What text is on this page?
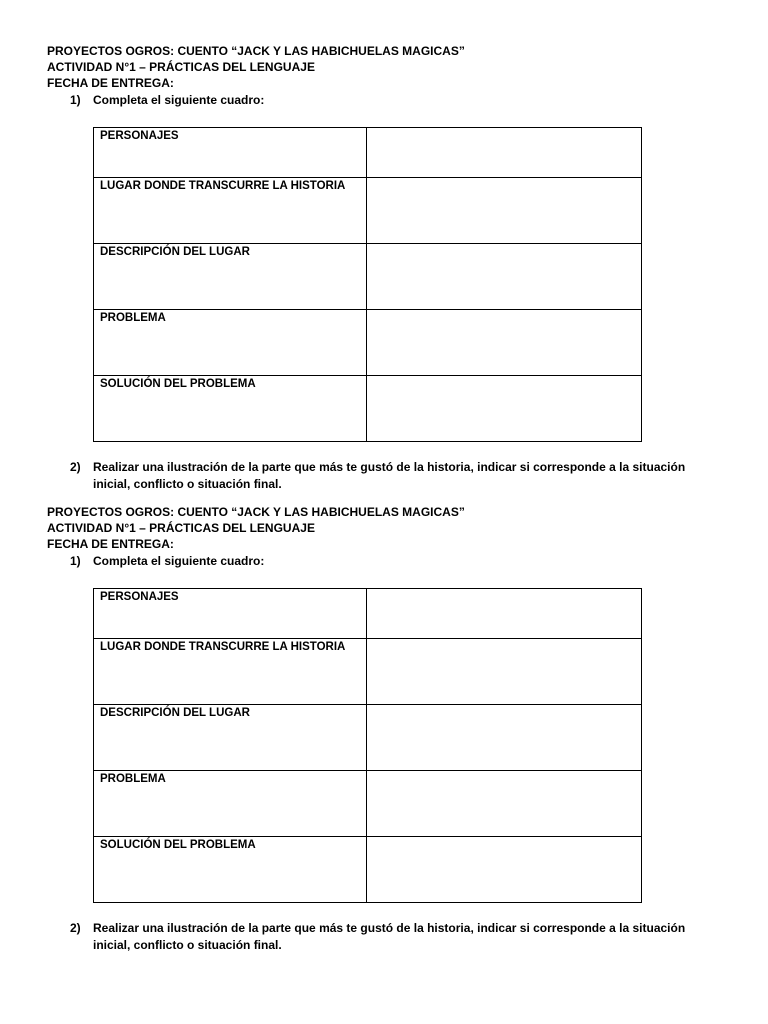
PROYECTOS OGROS: CUENTO “JACK Y LAS HABICHUELAS MAGICAS”
ACTIVIDAD N°1 – PRÁCTICAS DEL LENGUAJE
FECHA DE ENTREGA:
1) Completa el siguiente cuadro:
PERSONAJES	
LUGAR DONDE TRANSCURRE LA HISTORIA	
DESCRIPCIÓN DEL LUGAR	
PROBLEMA	
SOLUCIÓN DEL PROBLEMA	
2) Realizar una ilustración de la parte que más te gustó de la historia, indicar si corresponde a la situación inicial, conflicto o situación final.
PROYECTOS OGROS: CUENTO “JACK Y LAS HABICHUELAS MAGICAS”
ACTIVIDAD N°1 – PRÁCTICAS DEL LENGUAJE
FECHA DE ENTREGA:
1) Completa el siguiente cuadro:
PERSONAJES	
LUGAR DONDE TRANSCURRE LA HISTORIA	
DESCRIPCIÓN DEL LUGAR	
PROBLEMA	
SOLUCIÓN DEL PROBLEMA	
2) Realizar una ilustración de la parte que más te gustó de la historia, indicar si corresponde a la situación inicial, conflicto o situación final.
